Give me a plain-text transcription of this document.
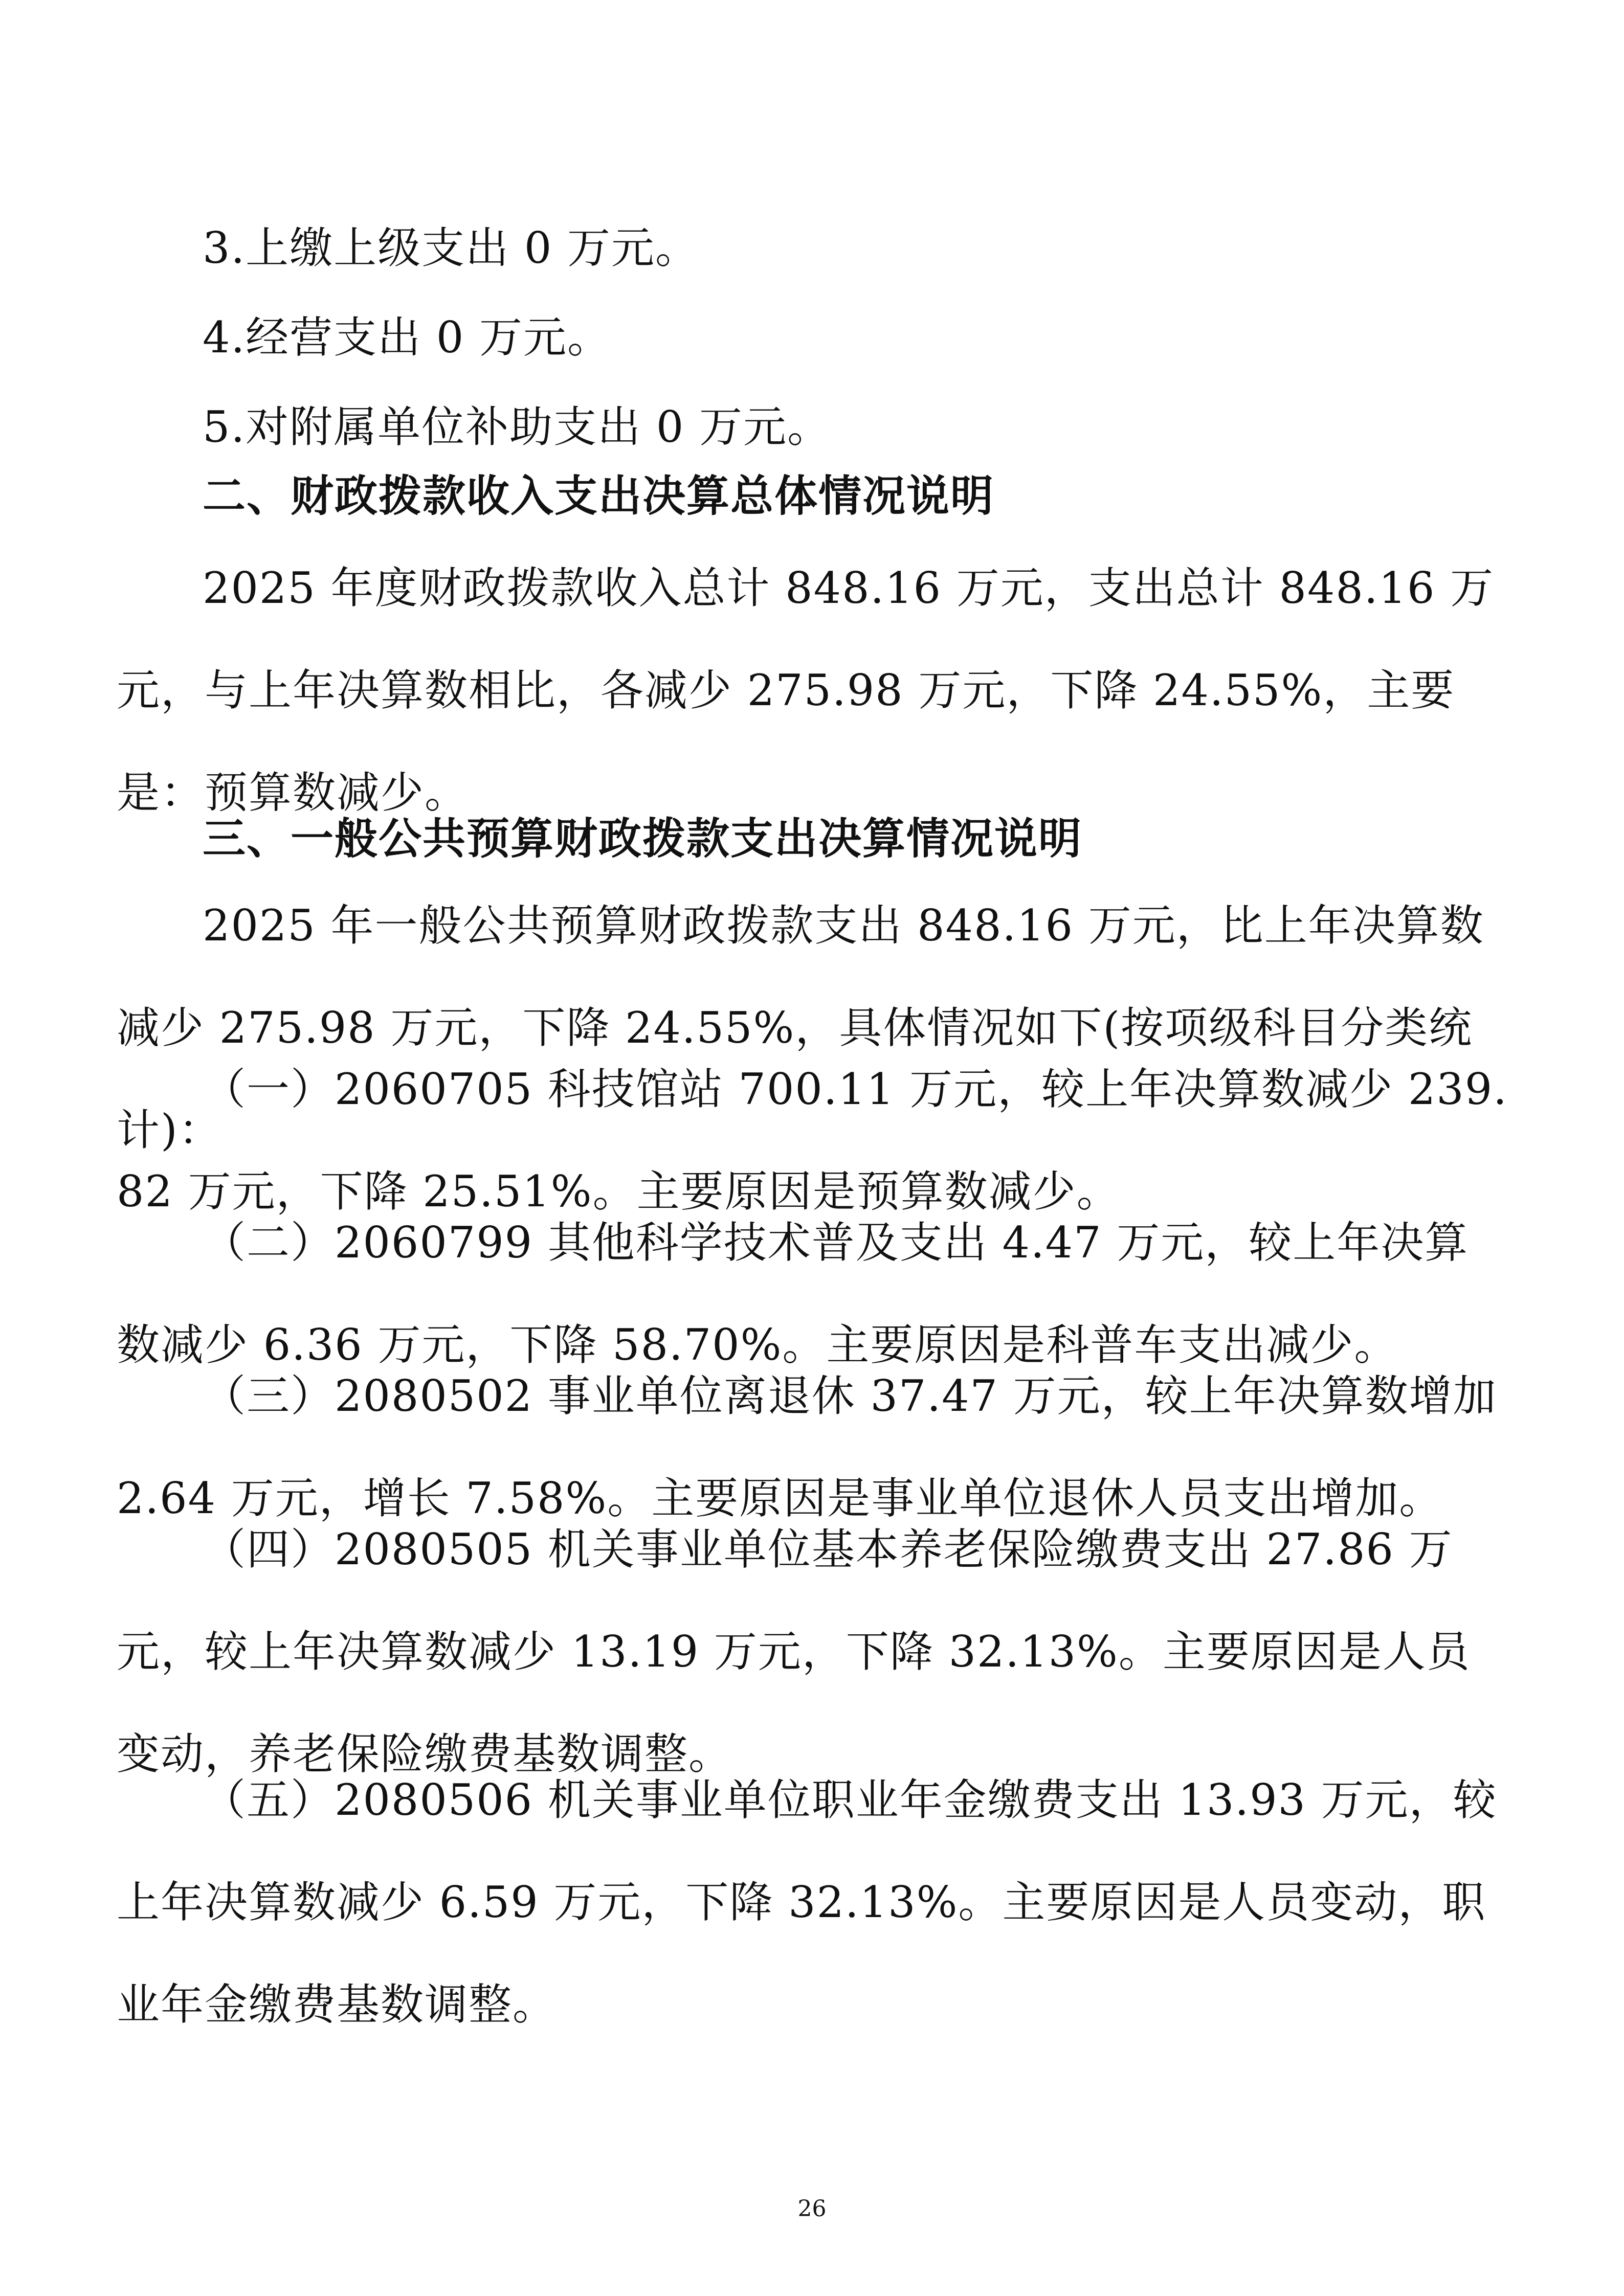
3.上缴上级支出 0 万元。

4.经营支出 0 万元。

5.对附属单位补助支出 0 万元。

二、财政拨款收入支出决算总体情况说明

2025 年度财政拨款收入总计 848.16 万元，支出总计 848.16 万元，与上年决算数相比，各减少 275.98 万元，下降 24.55%，主要是：预算数减少。

三、一般公共预算财政拨款支出决算情况说明

2025 年一般公共预算财政拨款支出 848.16 万元，比上年决算数减少 275.98 万元，下降 24.55%，具体情况如下(按项级科目分类统计)：

（一）2060705 科技馆站 700.11 万元，较上年决算数减少 239.82 万元，下降 25.51%。主要原因是预算数减少。

（二）2060799 其他科学技术普及支出 4.47 万元，较上年决算数减少 6.36 万元，下降 58.70%。主要原因是科普车支出减少。

（三）2080502 事业单位离退休 37.47 万元，较上年决算数增加 2.64 万元，增长 7.58%。主要原因是事业单位退休人员支出增加。

（四）2080505 机关事业单位基本养老保险缴费支出 27.86 万元，较上年决算数减少 13.19 万元，下降 32.13%。主要原因是人员变动，养老保险缴费基数调整。

（五）2080506 机关事业单位职业年金缴费支出 13.93 万元，较上年决算数减少 6.59 万元，下降 32.13%。主要原因是人员变动，职业年金缴费基数调整。

26
